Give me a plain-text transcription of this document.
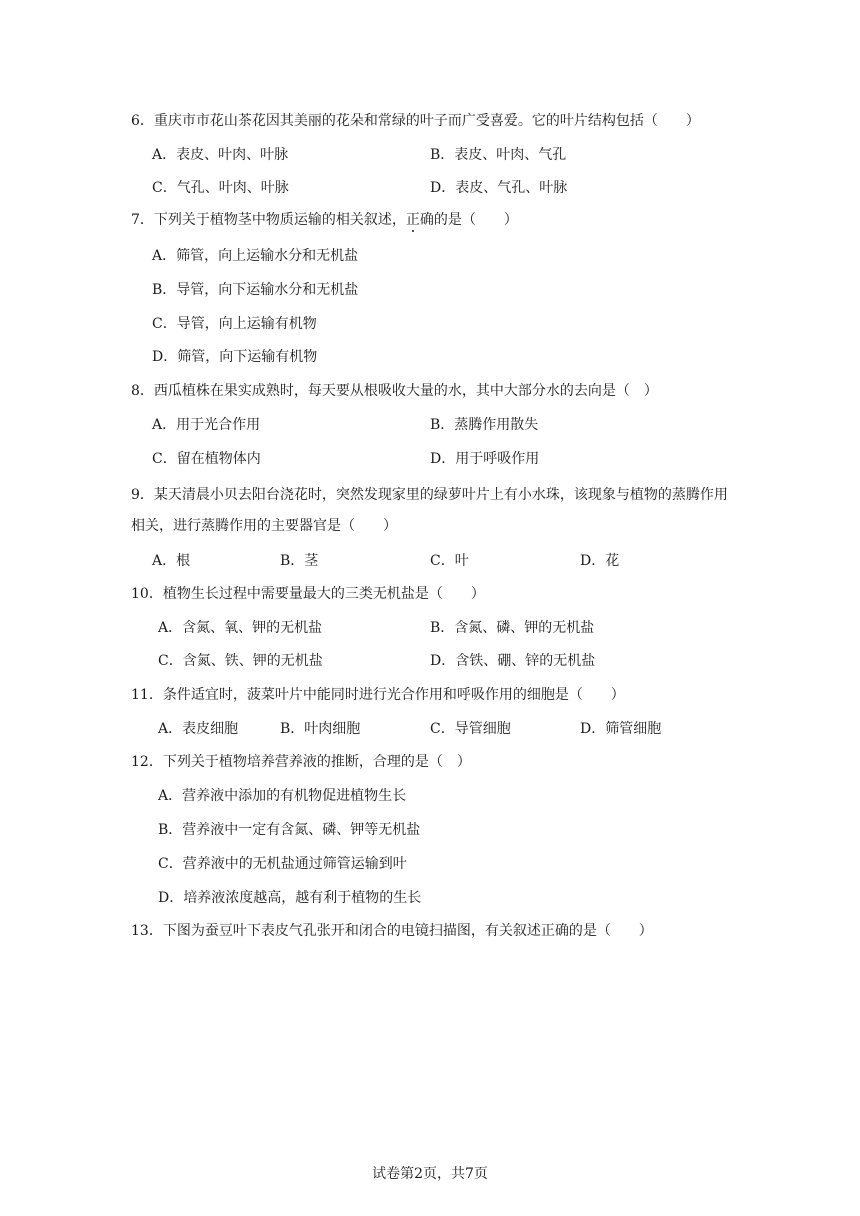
6．重庆市市花山茶花因其美丽的花朵和常绿的叶子而广受喜爱。它的叶片结构包括（　　）
A．表皮、叶肉、叶脉	B．表皮、叶肉、气孔
C．气孔、叶肉、叶脉	D．表皮、气孔、叶脉
7．下列关于植物茎中物质运输的相关叙述，正确的是（　　）
A．筛管，向上运输水分和无机盐
B．导管，向下运输水分和无机盐
C．导管，向上运输有机物
D．筛管，向下运输有机物
8．西瓜植株在果实成熟时，每天要从根吸收大量的水，其中大部分水的去向是（　）
A．用于光合作用	B．蒸腾作用散失
C．留在植物体内	D．用于呼吸作用
9．某天清晨小贝去阳台浇花时，突然发现家里的绿萝叶片上有小水珠，该现象与植物的蒸腾作用相关，进行蒸腾作用的主要器官是（　　）
A．根	B．茎	C．叶	D．花
10．植物生长过程中需要量最大的三类无机盐是（　　）
A．含氮、氧、钾的无机盐	B．含氮、磷、钾的无机盐
C．含氮、铁、钾的无机盐	D．含铁、硼、锌的无机盐
11．条件适宜时，菠菜叶片中能同时进行光合作用和呼吸作用的细胞是（　　）
A．表皮细胞	B．叶肉细胞	C．导管细胞	D．筛管细胞
12．下列关于植物培养营养液的推断，合理的是（　）
A．营养液中添加的有机物促进植物生长
B．营养液中一定有含氮、磷、钾等无机盐
C．营养液中的无机盐通过筛管运输到叶
D．培养液浓度越高，越有利于植物的生长
13．下图为蚕豆叶下表皮气孔张开和闭合的电镜扫描图，有关叙述正确的是（　　）
试卷第2页，共7页
